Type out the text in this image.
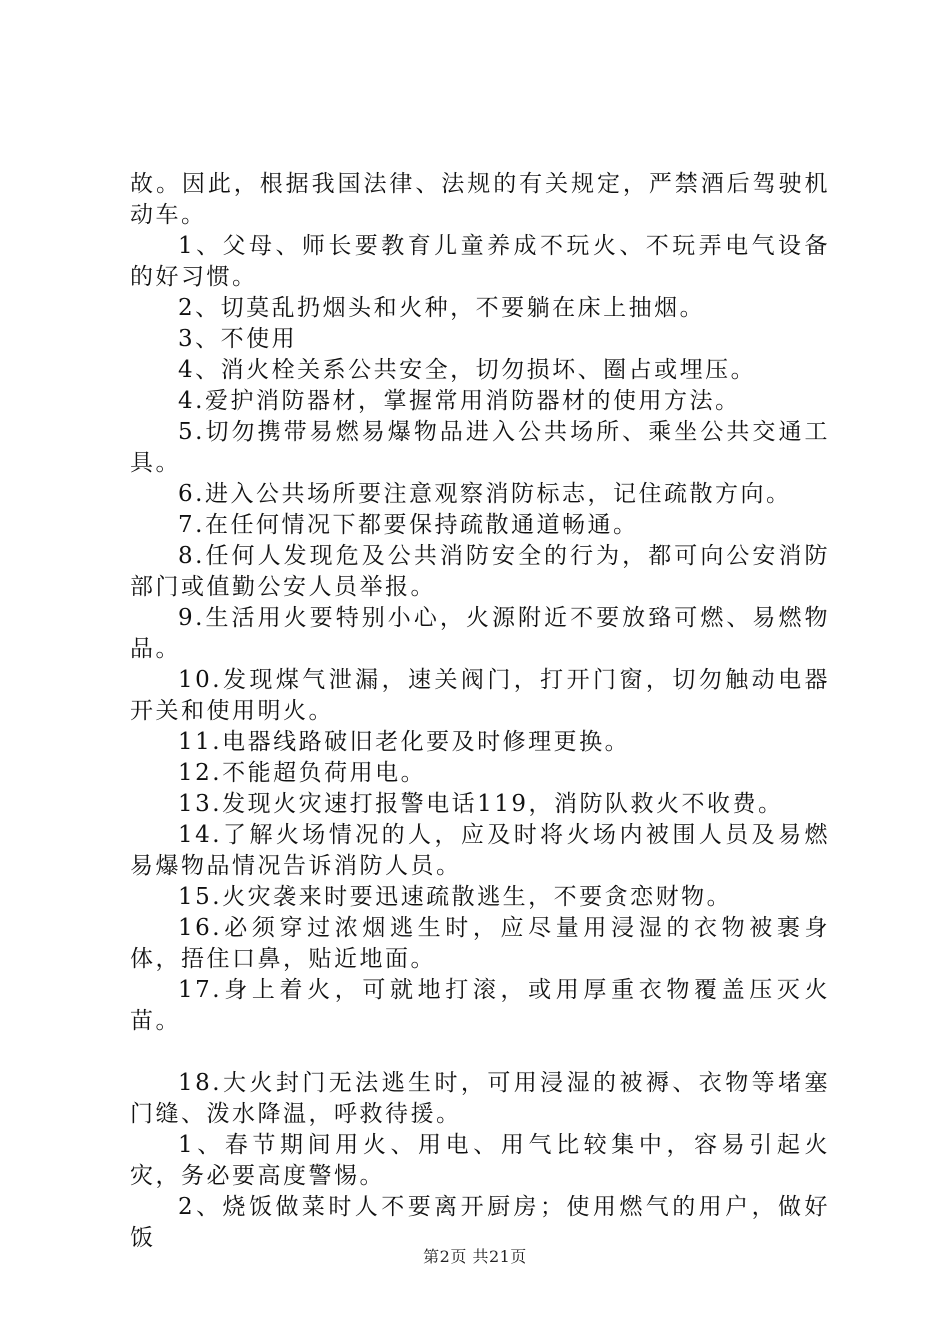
故。因此，根据我国法律、法规的有关规定，严禁酒后驾驶机动车。

1、父母、师长要教育儿童养成不玩火、不玩弄电气设备的好习惯。

2、切莫乱扔烟头和火种，不要躺在床上抽烟。

3、不使用

4、消火栓关系公共安全，切勿损坏、圈占或埋压。

4.爱护消防器材，掌握常用消防器材的使用方法。

5.切勿携带易燃易爆物品进入公共场所、乘坐公共交通工具。

6.进入公共场所要注意观察消防标志，记住疏散方向。

7.在任何情况下都要保持疏散通道畅通。

8.任何人发现危及公共消防安全的行为，都可向公安消防部门或值勤公安人员举报。

9.生活用火要特别小心，火源附近不要放臵可燃、易燃物品。

10.发现煤气泄漏，速关阀门，打开门窗，切勿触动电器开关和使用明火。

11.电器线路破旧老化要及时修理更换。

12.不能超负荷用电。

13.发现火灾速打报警电话119，消防队救火不收费。

14.了解火场情况的人，应及时将火场内被围人员及易燃易爆物品情况告诉消防人员。

15.火灾袭来时要迅速疏散逃生，不要贪恋财物。

16.必须穿过浓烟逃生时，应尽量用浸湿的衣物被裹身体，捂住口鼻，贴近地面。

17.身上着火，可就地打滚，或用厚重衣物覆盖压灭火苗。

18.大火封门无法逃生时，可用浸湿的被褥、衣物等堵塞门缝、泼水降温，呼救待援。

1、春节期间用火、用电、用气比较集中，容易引起火灾，务必要高度警惕。

2、烧饭做菜时人不要离开厨房；使用燃气的用户，做好饭

第2页 共21页
